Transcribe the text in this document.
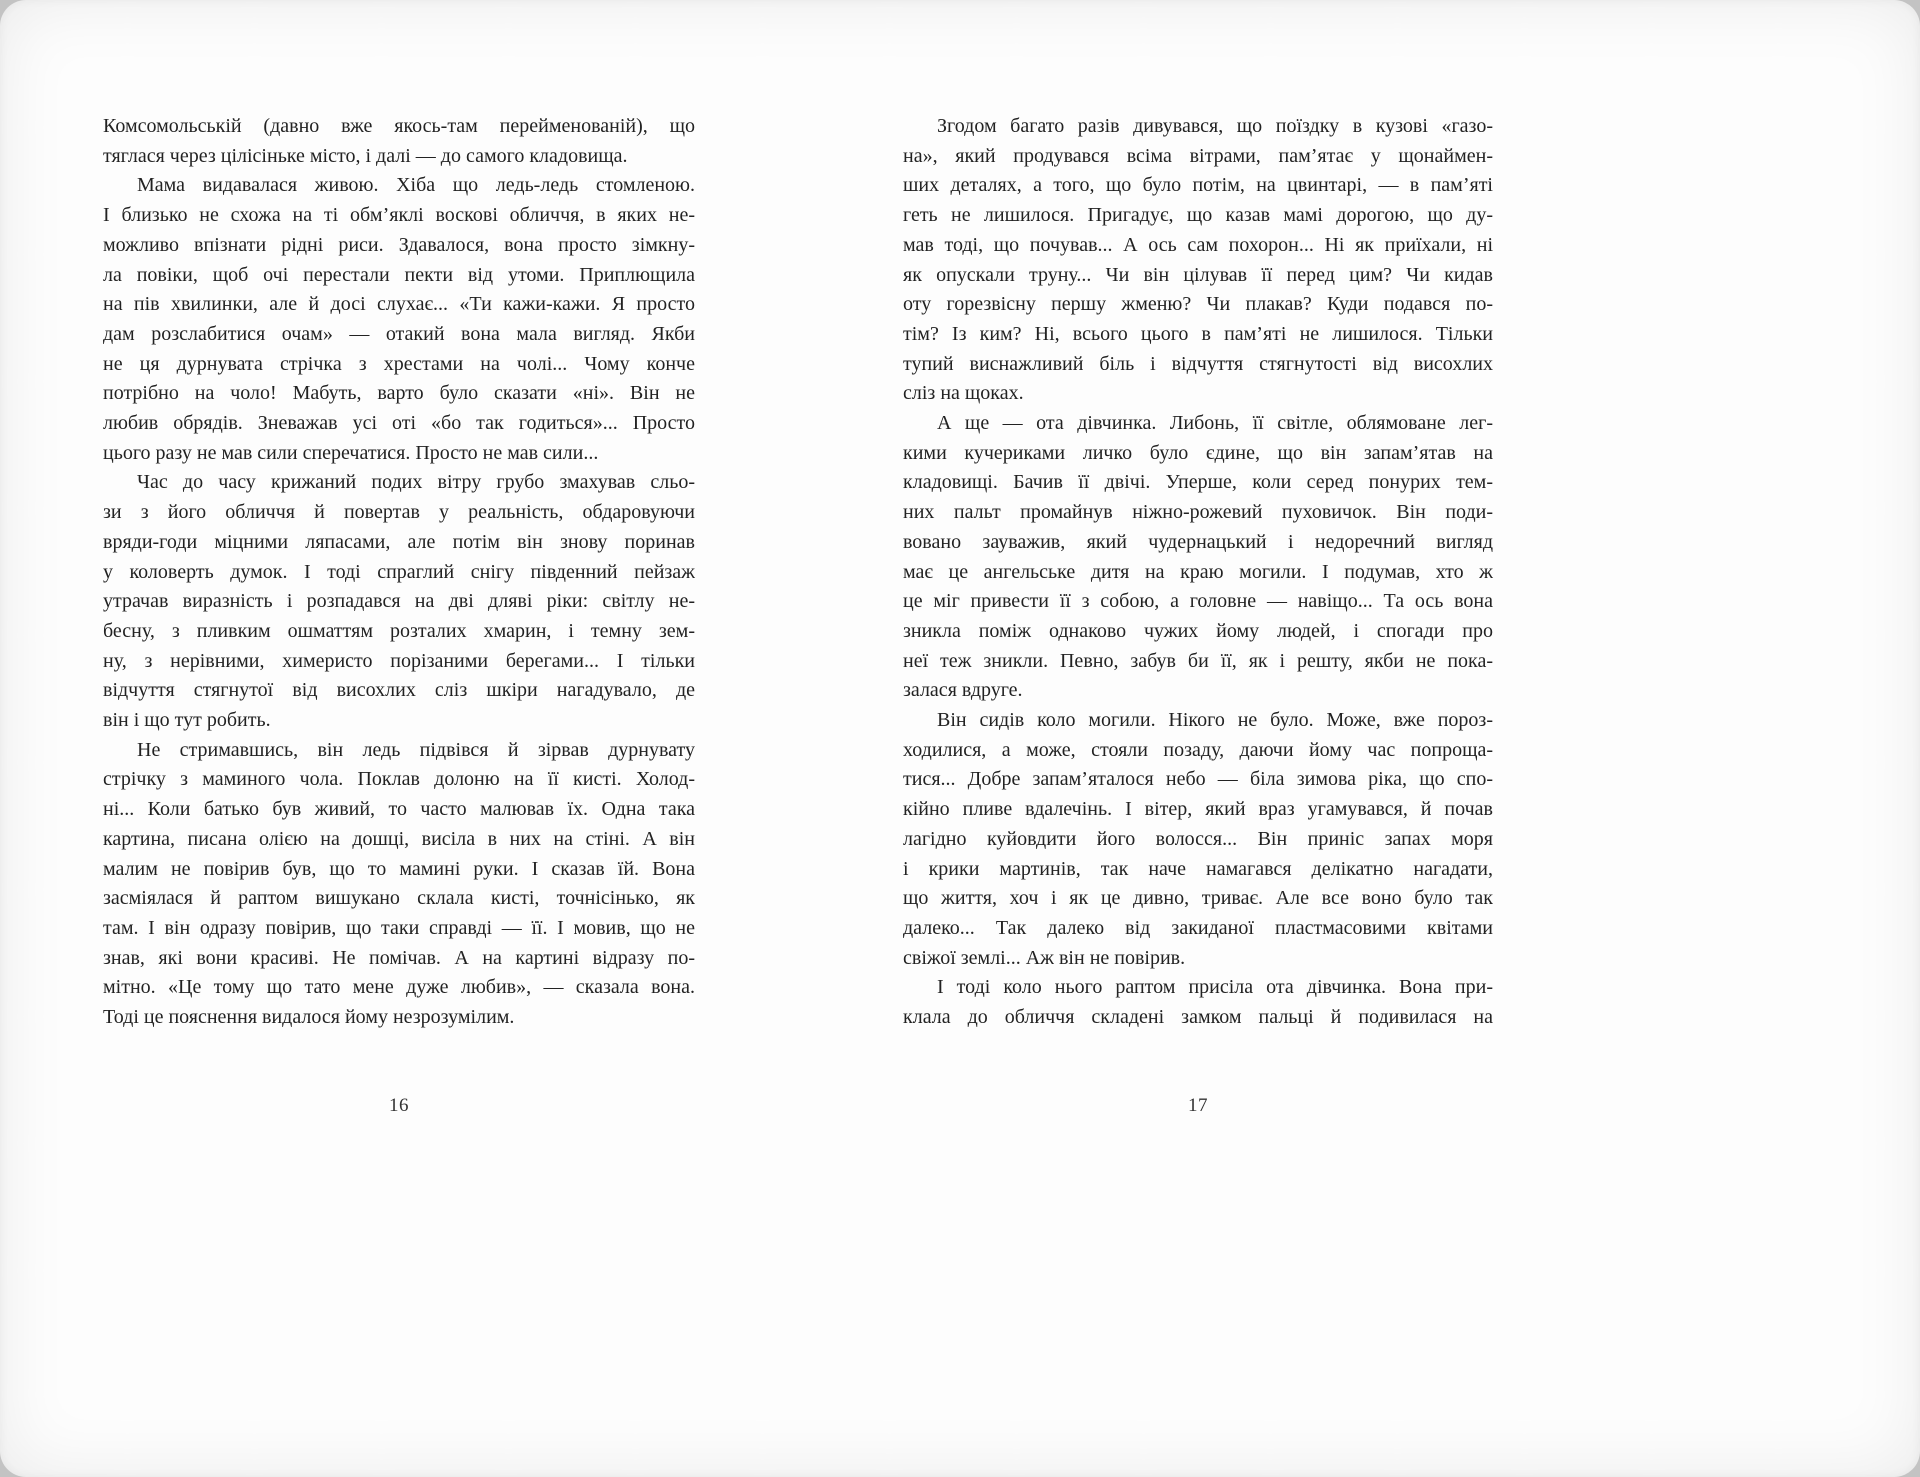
Комсомольській (давно вже якось-там перейменованій), що
тяглася через цілісіньке місто, і далі — до самого кладовища.
Мама видавалася живою. Хіба що ледь-ледь стомленою.
І близько не схожа на ті обм’яклі воскові обличчя, в яких не-
можливо впізнати рідні риси. Здавалося, вона просто зімкну-
ла повіки, щоб очі перестали пекти від утоми. Приплющила
на пів хвилинки, але й досі слухає... «Ти кажи-кажи. Я просто
дам розслабитися очам» — отакий вона мала вигляд. Якби
не ця дурнувата стрічка з хрестами на чолі... Чому конче
потрібно на чоло! Мабуть, варто було сказати «ні». Він не
любив обрядів. Зневажав усі оті «бо так годиться»... Просто
цього разу не мав сили сперечатися. Просто не мав сили...
Час до часу крижаний подих вітру грубо змахував сльо-
зи з його обличчя й повертав у реальність, обдаровуючи
вряди-годи міцними ляпасами, але потім він знову поринав
у коловерть думок. І тоді спраглий снігу південний пейзаж
утрачав виразність і розпадався на дві дляві ріки: світлу не-
бесну, з пливким ошматтям розталих хмарин, і темну зем-
ну, з нерівними, химеристо порізаними берегами... І тільки
відчуття стягнутої від висохлих сліз шкіри нагадувало, де
він і що тут робить.
Не стримавшись, він ледь підвівся й зірвав дурнувату
стрічку з маминого чола. Поклав долоню на її кисті. Холод-
ні... Коли батько був живий, то часто малював їх. Одна така
картина, писана олією на дошці, висіла в них на стіні. А він
малим не повірив був, що то мамині руки. І сказав їй. Вона
засміялася й раптом вишукано склала кисті, точнісінько, як
там. І він одразу повірив, що таки справді — її. І мовив, що не
знав, які вони красиві. Не помічав. А на картині відразу по-
мітно. «Це тому що тато мене дуже любив», — сказала вона.
Тоді це пояснення видалося йому незрозумілим.
Згодом багато разів дивувався, що поїздку в кузові «газо-
на», який продувався всіма вітрами, пам’ятає у щонаймен-
ших деталях, а того, що було потім, на цвинтарі, — в пам’яті
геть не лишилося. Пригадує, що казав мамі дорогою, що ду-
мав тоді, що почував... А ось сам похорон... Ні як приїхали, ні
як опускали труну... Чи він цілував її перед цим? Чи кидав
оту горезвісну першу жменю? Чи плакав? Куди подався по-
тім? Із ким? Ні, всього цього в пам’яті не лишилося. Тільки
тупий виснажливий біль і відчуття стягнутості від висохлих
сліз на щоках.
А ще — ота дівчинка. Либонь, її світле, облямоване лег-
кими кучериками личко було єдине, що він запам’ятав на
кладовищі. Бачив її двічі. Уперше, коли серед понурих тем-
них пальт промайнув ніжно-рожевий пуховичок. Він поди-
вовано зауважив, який чудернацький і недоречний вигляд
має це ангельське дитя на краю могили. І подумав, хто ж
це міг привести її з собою, а головне — навіщо... Та ось вона
зникла поміж однаково чужих йому людей, і спогади про
неї теж зникли. Певно, забув би її, як і решту, якби не пока-
залася вдруге.
Він сидів коло могили. Нікого не було. Може, вже пороз-
ходилися, а може, стояли позаду, даючи йому час попроща-
тися... Добре запам’яталося небо — біла зимова ріка, що спо-
кійно пливе вдалечінь. І вітер, який враз угамувався, й почав
лагідно куйовдити його волосся... Він приніс запах моря
і крики мартинів, так наче намагався делікатно нагадати,
що життя, хоч і як це дивно, триває. Але все воно було так
далеко... Так далеко від закиданої пластмасовими квітами
свіжої землі... Аж він не повірив.
І тоді коло нього раптом присіла ота дівчинка. Вона при-
клала до обличчя складені замком пальці й подивилася на
16	17
